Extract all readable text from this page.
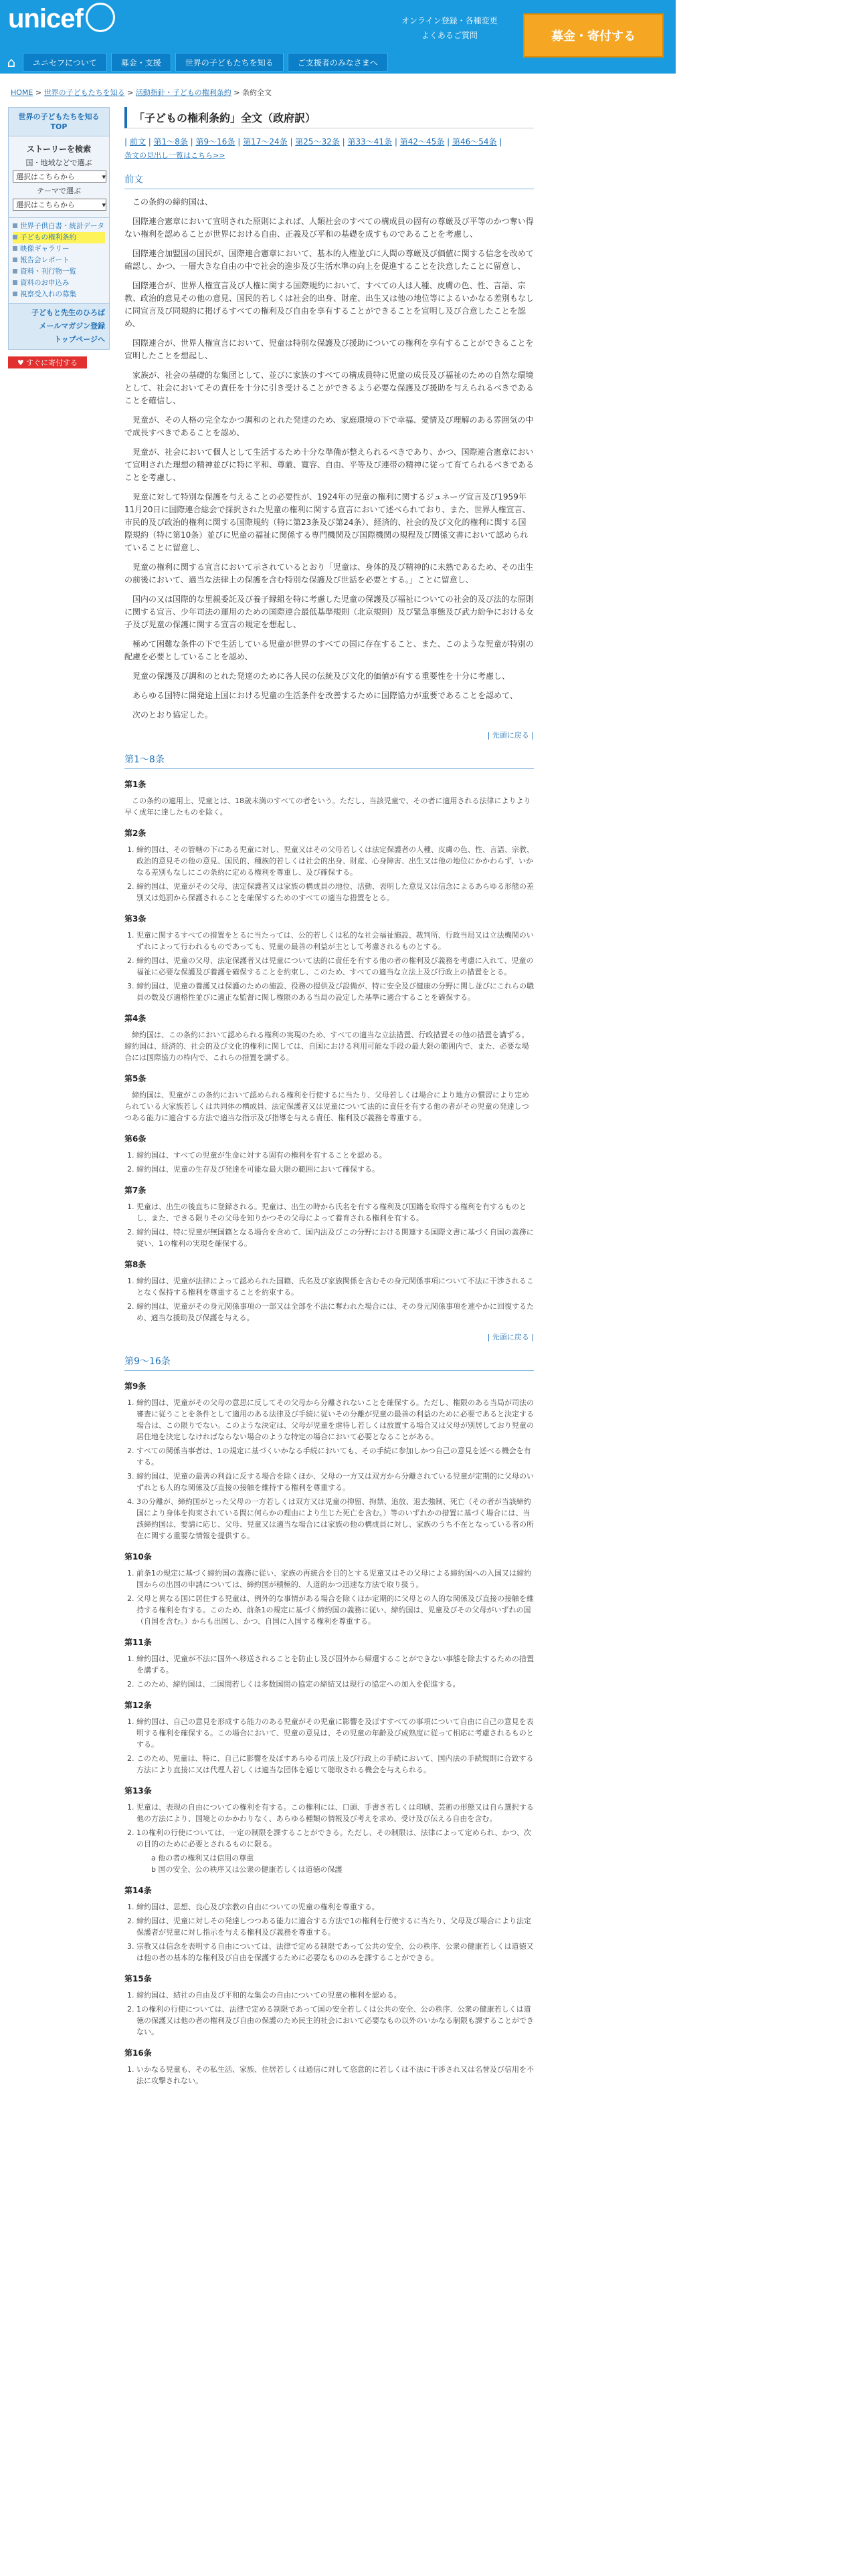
unicef	オンライン登録・各種変更
よくあるご質問	募金・寄付する
⌂	ユニセフについて	募金・支援	世界の子どもたちを知る	ご支援者のみなさまへ
HOME > 世界の子どもたちを知る > 活動指針・子どもの権利条約 > 条約全文
世界の子どもたちを知る TOP
ストーリーを検索
国・地域などで選ぶ
選択はこちらから	▾
テーマで選ぶ
選択はこちらから	▾
世界子供白書・統計データ
子どもの権利条約
映像ギャラリー
報告会レポート
資料・刊行物一覧
資料のお申込み
視察受入れの募集
子どもと先生のひろば
メールマガジン登録
トップページへ
♥ すぐに寄付する
「子どもの権利条約」全文（政府訳）
| 前文 | 第1〜8条 | 第9〜16条 | 第17〜24条 | 第25〜32条 | 第33〜41条 | 第42〜45条 | 第46〜54条 |
条文の見出し一覧はこちら>>
前文

この条約の締約国は、

国際連合憲章において宣明された原則によれば、人類社会のすべての構成員の固有の尊厳及び平等のかつ奪い得ない権利を認めることが世界における自由、正義及び平和の基礎を成すものであることを考慮し、

国際連合加盟国の国民が、国際連合憲章において、基本的人権並びに人間の尊厳及び価値に関する信念を改めて確認し、かつ、一層大きな自由の中で社会的進歩及び生活水準の向上を促進することを決意したことに留意し、

国際連合が、世界人権宣言及び人権に関する国際規約において、すべての人は人種、皮膚の色、性、言語、宗教、政治的意見その他の意見、国民的若しくは社会的出身、財産、出生又は他の地位等によるいかなる差別もなしに同宣言及び同規約に掲げるすべての権利及び自由を享有することができることを宣明し及び合意したことを認め、

国際連合が、世界人権宣言において、児童は特別な保護及び援助についての権利を享有することができることを宣明したことを想起し、

家族が、社会の基礎的な集団として、並びに家族のすべての構成員特に児童の成長及び福祉のための自然な環境として、社会においてその責任を十分に引き受けることができるよう必要な保護及び援助を与えられるべきであることを確信し、

児童が、その人格の完全なかつ調和のとれた発達のため、家庭環境の下で幸福、愛情及び理解のある雰囲気の中で成長すべきであることを認め、

児童が、社会において個人として生活するため十分な準備が整えられるべきであり、かつ、国際連合憲章において宣明された理想の精神並びに特に平和、尊厳、寛容、自由、平等及び連帯の精神に従って育てられるべきであることを考慮し、

児童に対して特別な保護を与えることの必要性が、1924年の児童の権利に関するジュネーヴ宣言及び1959年11月20日に国際連合総会で採択された児童の権利に関する宣言において述べられており、また、世界人権宣言、市民的及び政治的権利に関する国際規約（特に第23条及び第24条）、経済的、社会的及び文化的権利に関する国際規約（特に第10条）並びに児童の福祉に関係する専門機関及び国際機関の規程及び関係文書において認められていることに留意し、

児童の権利に関する宣言において示されているとおり「児童は、身体的及び精神的に未熟であるため、その出生の前後において、適当な法律上の保護を含む特別な保護及び世話を必要とする。」ことに留意し、

国内の又は国際的な里親委託及び養子縁組を特に考慮した児童の保護及び福祉についての社会的及び法的な原則に関する宣言、少年司法の運用のための国際連合最低基準規則（北京規則）及び緊急事態及び武力紛争における女子及び児童の保護に関する宣言の規定を想起し、

極めて困難な条件の下で生活している児童が世界のすべての国に存在すること、また、このような児童が特別の配慮を必要としていることを認め、

児童の保護及び調和のとれた発達のために各人民の伝統及び文化的価値が有する重要性を十分に考慮し、

あらゆる国特に開発途上国における児童の生活条件を改善するために国際協力が重要であることを認めて、

次のとおり協定した。

| 先頭に戻る |
第1〜8条
第1条

この条約の適用上、児童とは、18歳未満のすべての者をいう。ただし、当該児童で、その者に適用される法律によりより早く成年に達したものを除く。

第2条
1. 締約国は、その管轄の下にある児童に対し、児童又はその父母若しくは法定保護者の人種、皮膚の色、性、言語、宗教、政治的意見その他の意見、国民的、種族的若しくは社会的出身、財産、心身障害、出生又は他の地位にかかわらず、いかなる差別もなしにこの条約に定める権利を尊重し、及び確保する。
2. 締約国は、児童がその父母、法定保護者又は家族の構成員の地位、活動、表明した意見又は信念によるあらゆる形態の差別又は処罰から保護されることを確保するためのすべての適当な措置をとる。
第3条
1. 児童に関するすべての措置をとるに当たっては、公的若しくは私的な社会福祉施設、裁判所、行政当局又は立法機関のいずれによって行われるものであっても、児童の最善の利益が主として考慮されるものとする。
2. 締約国は、児童の父母、法定保護者又は児童について法的に責任を有する他の者の権利及び義務を考慮に入れて、児童の福祉に必要な保護及び養護を確保することを約束し、このため、すべての適当な立法上及び行政上の措置をとる。
3. 締約国は、児童の養護又は保護のための施設、役務の提供及び設備が、特に安全及び健康の分野に関し並びにこれらの職員の数及び適格性並びに適正な監督に関し権限のある当局の設定した基準に適合することを確保する。
第4条

締約国は、この条約において認められる権利の実現のため、すべての適当な立法措置、行政措置その他の措置を講ずる。締約国は、経済的、社会的及び文化的権利に関しては、自国における利用可能な手段の最大限の範囲内で、また、必要な場合には国際協力の枠内で、これらの措置を講ずる。

第5条

締約国は、児童がこの条約において認められる権利を行使するに当たり、父母若しくは場合により地方の慣習により定められている大家族若しくは共同体の構成員、法定保護者又は児童について法的に責任を有する他の者がその児童の発達しつつある能力に適合する方法で適当な指示及び指導を与える責任、権利及び義務を尊重する。

第6条
1. 締約国は、すべての児童が生命に対する固有の権利を有することを認める。
2. 締約国は、児童の生存及び発達を可能な最大限の範囲において確保する。
第7条
1. 児童は、出生の後直ちに登録される。児童は、出生の時から氏名を有する権利及び国籍を取得する権利を有するものとし、また、できる限りその父母を知りかつその父母によって養育される権利を有する。
2. 締約国は、特に児童が無国籍となる場合を含めて、国内法及びこの分野における関連する国際文書に基づく自国の義務に従い、1の権利の実現を確保する。
第8条
1. 締約国は、児童が法律によって認められた国籍、氏名及び家族関係を含むその身元関係事項について不法に干渉されることなく保持する権利を尊重することを約束する。
2. 締約国は、児童がその身元関係事項の一部又は全部を不法に奪われた場合には、その身元関係事項を速やかに回復するため、適当な援助及び保護を与える。
| 先頭に戻る |
第9〜16条
第9条
1. 締約国は、児童がその父母の意思に反してその父母から分離されないことを確保する。ただし、権限のある当局が司法の審査に従うことを条件として適用のある法律及び手続に従いその分離が児童の最善の利益のために必要であると決定する場合は、この限りでない。このような決定は、父母が児童を虐待し若しくは放置する場合又は父母が別居しており児童の居住地を決定しなければならない場合のような特定の場合において必要となることがある。
2. すべての関係当事者は、1の規定に基づくいかなる手続においても、その手続に参加しかつ自己の意見を述べる機会を有する。
3. 締約国は、児童の最善の利益に反する場合を除くほか、父母の一方又は双方から分離されている児童が定期的に父母のいずれとも人的な関係及び直接の接触を維持する権利を尊重する。
4. 3の分離が、締約国がとった父母の一方若しくは双方又は児童の抑留、拘禁、追放、退去強制、死亡（その者が当該締約国により身体を拘束されている間に何らかの理由により生じた死亡を含む。）等のいずれかの措置に基づく場合には、当該締約国は、要請に応じ、父母、児童又は適当な場合には家族の他の構成員に対し、家族のうち不在となっている者の所在に関する重要な情報を提供する。
第10条
1. 前条1の規定に基づく締約国の義務に従い、家族の再統合を目的とする児童又はその父母による締約国への入国又は締約国からの出国の申請については、締約国が積極的、人道的かつ迅速な方法で取り扱う。
2. 父母と異なる国に居住する児童は、例外的な事情がある場合を除くほか定期的に父母との人的な関係及び直接の接触を維持する権利を有する。このため、前条1の規定に基づく締約国の義務に従い、締約国は、児童及びその父母がいずれの国（自国を含む。）からも出国し、かつ、自国に入国する権利を尊重する。
第11条
1. 締約国は、児童が不法に国外へ移送されることを防止し及び国外から帰還することができない事態を除去するための措置を講ずる。
2. このため、締約国は、二国間若しくは多数国間の協定の締結又は現行の協定への加入を促進する。
第12条
1. 締約国は、自己の意見を形成する能力のある児童がその児童に影響を及ぼすすべての事項について自由に自己の意見を表明する権利を確保する。この場合において、児童の意見は、その児童の年齢及び成熟度に従って相応に考慮されるものとする。
2. このため、児童は、特に、自己に影響を及ぼすあらゆる司法上及び行政上の手続において、国内法の手続規則に合致する方法により直接に又は代理人若しくは適当な団体を通じて聴取される機会を与えられる。
第13条
1. 児童は、表現の自由についての権利を有する。この権利には、口頭、手書き若しくは印刷、芸術の形態又は自ら選択する他の方法により、国境とのかかわりなく、あらゆる種類の情報及び考えを求め、受け及び伝える自由を含む。
2. 1の権利の行使については、一定の制限を課することができる。ただし、その制限は、法律によって定められ、かつ、次の目的のために必要とされるものに限る。
a 他の者の権利又は信用の尊重
b 国の安全、公の秩序又は公衆の健康若しくは道徳の保護
第14条
1. 締約国は、思想、良心及び宗教の自由についての児童の権利を尊重する。
2. 締約国は、児童に対しその発達しつつある能力に適合する方法で1の権利を行使するに当たり、父母及び場合により法定保護者が児童に対し指示を与える権利及び義務を尊重する。
3. 宗教又は信念を表明する自由については、法律で定める制限であって公共の安全、公の秩序、公衆の健康若しくは道徳又は他の者の基本的な権利及び自由を保護するために必要なもののみを課することができる。
第15条
1. 締約国は、結社の自由及び平和的な集会の自由についての児童の権利を認める。
2. 1の権利の行使については、法律で定める制限であって国の安全若しくは公共の安全、公の秩序、公衆の健康若しくは道徳の保護又は他の者の権利及び自由の保護のため民主的社会において必要なもの以外のいかなる制限も課することができない。
第16条
1. いかなる児童も、その私生活、家族、住居若しくは通信に対して恣意的に若しくは不法に干渉され又は名誉及び信用を不法に攻撃されない。
